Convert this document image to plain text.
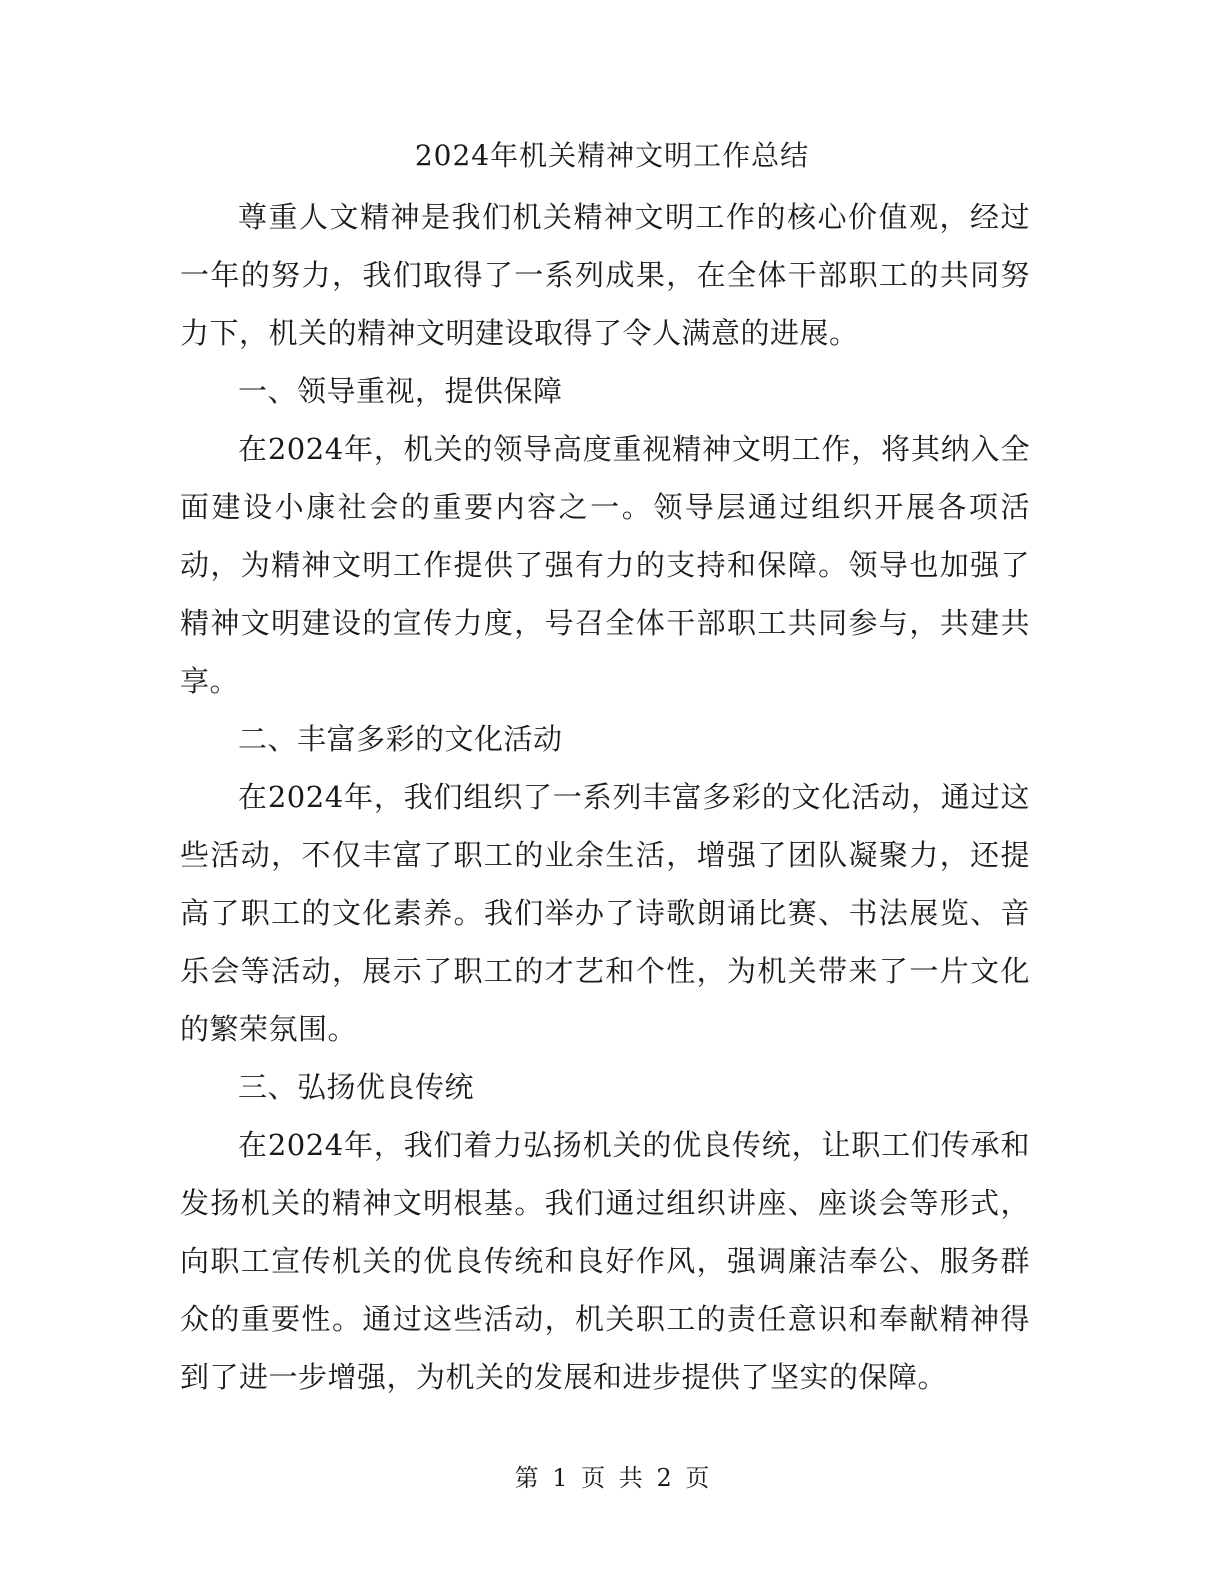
2024年机关精神文明工作总结

尊重人文精神是我们机关精神文明工作的核心价值观，经过一年的努力，我们取得了一系列成果，在全体干部职工的共同努力下，机关的精神文明建设取得了令人满意的进展。

一、领导重视，提供保障

在2024年，机关的领导高度重视精神文明工作，将其纳入全面建设小康社会的重要内容之一。领导层通过组织开展各项活动，为精神文明工作提供了强有力的支持和保障。领导也加强了精神文明建设的宣传力度，号召全体干部职工共同参与，共建共享。

二、丰富多彩的文化活动

在2024年，我们组织了一系列丰富多彩的文化活动，通过这些活动，不仅丰富了职工的业余生活，增强了团队凝聚力，还提高了职工的文化素养。我们举办了诗歌朗诵比赛、书法展览、音乐会等活动，展示了职工的才艺和个性，为机关带来了一片文化的繁荣氛围。

三、弘扬优良传统

在2024年，我们着力弘扬机关的优良传统，让职工们传承和发扬机关的精神文明根基。我们通过组织讲座、座谈会等形式，向职工宣传机关的优良传统和良好作风，强调廉洁奉公、服务群众的重要性。通过这些活动，机关职工的责任意识和奉献精神得到了进一步增强，为机关的发展和进步提供了坚实的保障。

第 1 页 共 2 页
